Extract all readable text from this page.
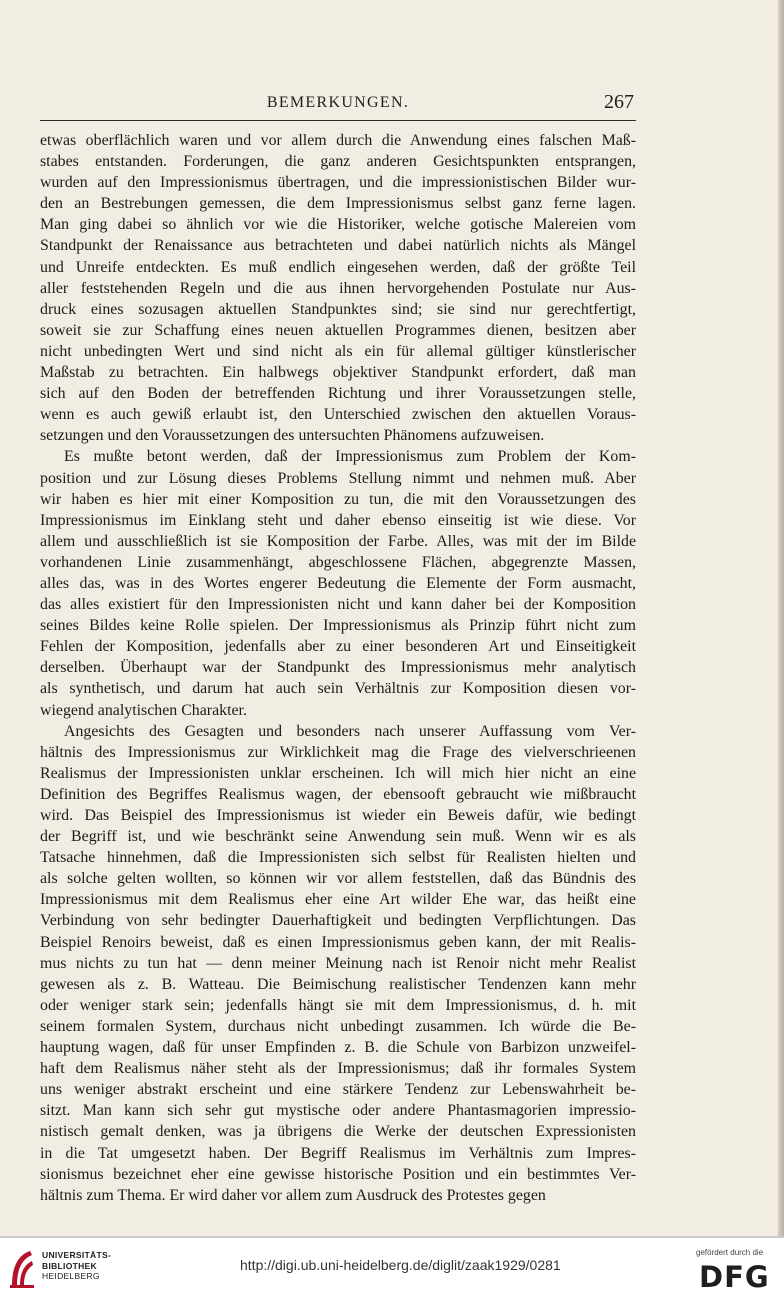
BEMERKUNGEN.	267
etwas oberflächlich waren und vor allem durch die Anwendung eines falschen Maß-
stabes entstanden. Forderungen, die ganz anderen Gesichtspunkten entsprangen,
wurden auf den Impressionismus übertragen, und die impressionistischen Bilder wur-
den an Bestrebungen gemessen, die dem Impressionismus selbst ganz ferne lagen.
Man ging dabei so ähnlich vor wie die Historiker, welche gotische Malereien vom
Standpunkt der Renaissance aus betrachteten und dabei natürlich nichts als Mängel
und Unreife entdeckten. Es muß endlich eingesehen werden, daß der größte Teil
aller feststehenden Regeln und die aus ihnen hervorgehenden Postulate nur Aus-
druck eines sozusagen aktuellen Standpunktes sind; sie sind nur gerechtfertigt,
soweit sie zur Schaffung eines neuen aktuellen Programmes dienen, besitzen aber
nicht unbedingten Wert und sind nicht als ein für allemal gültiger künstlerischer
Maßstab zu betrachten. Ein halbwegs objektiver Standpunkt erfordert, daß man
sich auf den Boden der betreffenden Richtung und ihrer Voraussetzungen stelle,
wenn es auch gewiß erlaubt ist, den Unterschied zwischen den aktuellen Voraus-
setzungen und den Voraussetzungen des untersuchten Phänomens aufzuweisen.
Es mußte betont werden, daß der Impressionismus zum Problem der Kom-
position und zur Lösung dieses Problems Stellung nimmt und nehmen muß. Aber
wir haben es hier mit einer Komposition zu tun, die mit den Voraussetzungen des
Impressionismus im Einklang steht und daher ebenso einseitig ist wie diese. Vor
allem und ausschließlich ist sie Komposition der Farbe. Alles, was mit der im Bilde
vorhandenen Linie zusammenhängt, abgeschlossene Flächen, abgegrenzte Massen,
alles das, was in des Wortes engerer Bedeutung die Elemente der Form ausmacht,
das alles existiert für den Impressionisten nicht und kann daher bei der Komposition
seines Bildes keine Rolle spielen. Der Impressionismus als Prinzip führt nicht zum
Fehlen der Komposition, jedenfalls aber zu einer besonderen Art und Einseitigkeit
derselben. Überhaupt war der Standpunkt des Impressionismus mehr analytisch
als synthetisch, und darum hat auch sein Verhältnis zur Komposition diesen vor-
wiegend analytischen Charakter.
Angesichts des Gesagten und besonders nach unserer Auffassung vom Ver-
hältnis des Impressionismus zur Wirklichkeit mag die Frage des vielverschrieenen
Realismus der Impressionisten unklar erscheinen. Ich will mich hier nicht an eine
Definition des Begriffes Realismus wagen, der ebensooft gebraucht wie mißbraucht
wird. Das Beispiel des Impressionismus ist wieder ein Beweis dafür, wie bedingt
der Begriff ist, und wie beschränkt seine Anwendung sein muß. Wenn wir es als
Tatsache hinnehmen, daß die Impressionisten sich selbst für Realisten hielten und
als solche gelten wollten, so können wir vor allem feststellen, daß das Bündnis des
Impressionismus mit dem Realismus eher eine Art wilder Ehe war, das heißt eine
Verbindung von sehr bedingter Dauerhaftigkeit und bedingten Verpflichtungen. Das
Beispiel Renoirs beweist, daß es einen Impressionismus geben kann, der mit Realis-
mus nichts zu tun hat — denn meiner Meinung nach ist Renoir nicht mehr Realist
gewesen als z. B. Watteau. Die Beimischung realistischer Tendenzen kann mehr
oder weniger stark sein; jedenfalls hängt sie mit dem Impressionismus, d. h. mit
seinem formalen System, durchaus nicht unbedingt zusammen. Ich würde die Be-
hauptung wagen, daß für unser Empfinden z. B. die Schule von Barbizon unzweifel-
haft dem Realismus näher steht als der Impressionismus; daß ihr formales System
uns weniger abstrakt erscheint und eine stärkere Tendenz zur Lebenswahrheit be-
sitzt. Man kann sich sehr gut mystische oder andere Phantasmagorien impressio-
nistisch gemalt denken, was ja übrigens die Werke der deutschen Expressionisten
in die Tat umgesetzt haben. Der Begriff Realismus im Verhältnis zum Impres-
sionismus bezeichnet eher eine gewisse historische Position und ein bestimmtes Ver-
hältnis zum Thema. Er wird daher vor allem zum Ausdruck des Protestes gegen
UNIVERSITÄTS-
BIBLIOTHEK
HEIDELBERG
http://digi.ub.uni-heidelberg.de/diglit/zaak1929/0281
gefördert durch die
DFG
